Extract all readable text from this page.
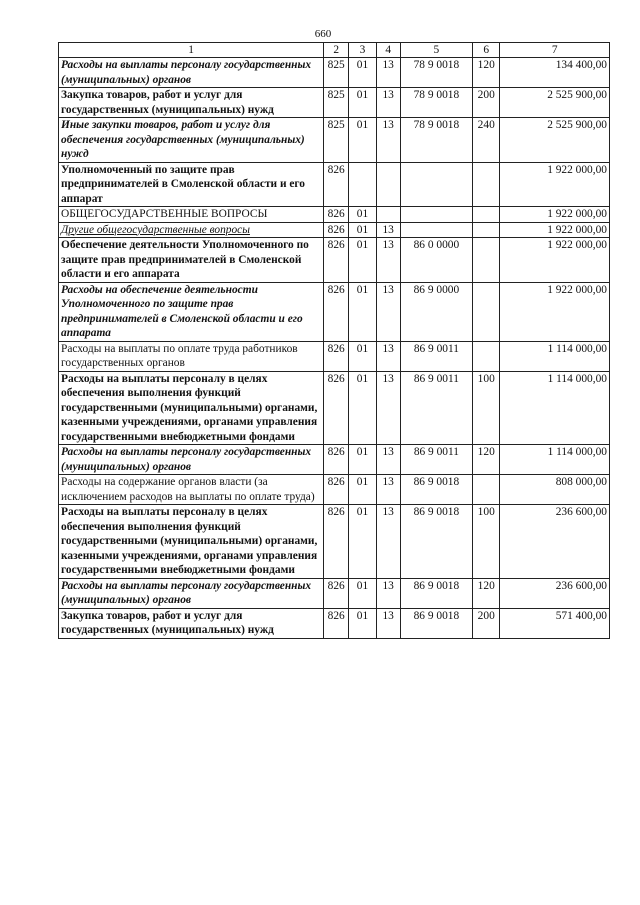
660
1	2	3	4	5	6	7
Расходы на выплаты персоналу государственных (муниципальных) органов	825	01	13	78 9 0018	120	134 400,00
Закупка товаров, работ и услуг для государственных (муниципальных) нужд	825	01	13	78 9 0018	200	2 525 900,00
Иные закупки товаров, работ и услуг для обеспечения государственных (муниципальных) нужд	825	01	13	78 9 0018	240	2 525 900,00
Уполномоченный по защите прав предпринимателей в Смоленской области и его аппарат	826					1 922 000,00
ОБЩЕГОСУДАРСТВЕННЫЕ ВОПРОСЫ	826	01				1 922 000,00
Другие общегосударственные вопросы	826	01	13			1 922 000,00
Обеспечение деятельности Уполномоченного по защите прав предпринимателей в Смоленской области и его аппарата	826	01	13	86 0 0000		1 922 000,00
Расходы на обеспечение деятельности Уполномоченного по защите прав предпринимателей в Смоленской области и его аппарата	826	01	13	86 9 0000		1 922 000,00
Расходы на выплаты по оплате труда работников государственных органов	826	01	13	86 9 0011		1 114 000,00
Расходы на выплаты персоналу в целях обеспечения выполнения функций государственными (муниципальными) органами, казенными учреждениями, органами управления государственными внебюджетными фондами	826	01	13	86 9 0011	100	1 114 000,00
Расходы на выплаты персоналу государственных (муниципальных) органов	826	01	13	86 9 0011	120	1 114 000,00
Расходы на содержание органов власти (за исключением расходов на выплаты по оплате труда)	826	01	13	86 9 0018		808 000,00
Расходы на выплаты персоналу в целях обеспечения выполнения функций государственными (муниципальными) органами, казенными учреждениями, органами управления государственными внебюджетными фондами	826	01	13	86 9 0018	100	236 600,00
Расходы на выплаты персоналу государственных (муниципальных) органов	826	01	13	86 9 0018	120	236 600,00
Закупка товаров, работ и услуг для государственных (муниципальных) нужд	826	01	13	86 9 0018	200	571 400,00
